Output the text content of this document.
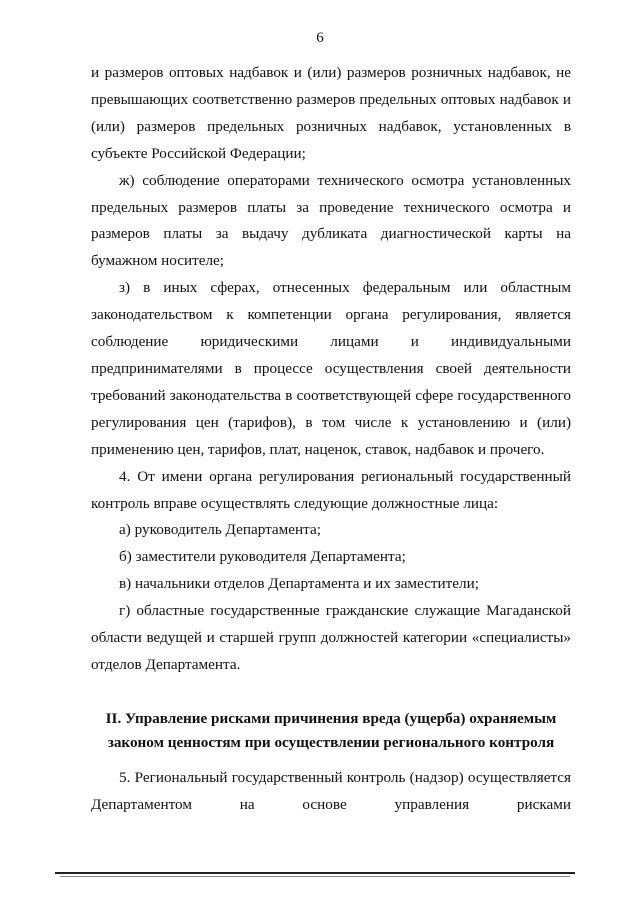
6

и размеров оптовых надбавок и (или) размеров розничных надбавок, не превышающих соответственно размеров предельных оптовых надбавок и (или) размеров предельных розничных надбавок, установленных в субъекте Российской Федерации;

ж) соблюдение операторами технического осмотра установленных предельных размеров платы за проведение технического осмотра и размеров платы за выдачу дубликата диагностической карты на бумажном носителе;

з) в иных сферах, отнесенных федеральным или областным законодательством к компетенции органа регулирования, является соблюдение юридическими лицами и индивидуальными предпринимателями в процессе осуществления своей деятельности требований законодательства в соответствующей сфере государственного регулирования цен (тарифов), в том числе к установлению и (или) применению цен, тарифов, плат, наценок, ставок, надбавок и прочего.

4. От имени органа регулирования региональный государственный контроль вправе осуществлять следующие должностные лица:

а) руководитель Департамента;

б) заместители руководителя Департамента;

в) начальники отделов Департамента и их заместители;

г) областные государственные гражданские служащие Магаданской области ведущей и старшей групп должностей категории «специалисты» отделов Департамента.

II. Управление рисками причинения вреда (ущерба) охраняемым
законом ценностям при осуществлении регионального контроля

5. Региональный государственный контроль (надзор) осуществляется Департаментом на основе управления рисками
